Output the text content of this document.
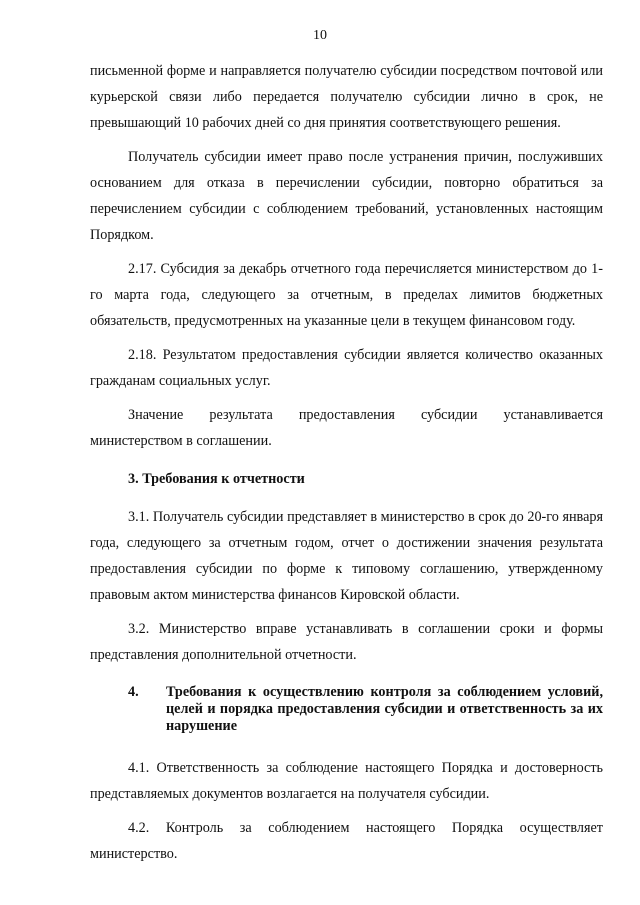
10

письменной форме и направляется получателю субсидии посредством почтовой или курьерской связи либо передается получателю субсидии лично в срок, не превышающий 10 рабочих дней со дня принятия соответствующего решения.

Получатель субсидии имеет право после устранения причин, послуживших основанием для отказа в перечислении субсидии, повторно обратиться за перечислением субсидии с соблюдением требований, установленных настоящим Порядком.

2.17. Субсидия за декабрь отчетного года перечисляется министерством до 1-го марта года, следующего за отчетным, в пределах лимитов бюджетных обязательств, предусмотренных на указанные цели в текущем финансовом году.

2.18. Результатом предоставления субсидии является количество оказанных гражданам социальных услуг.

Значение результата предоставления субсидии устанавливается министерством в соглашении.

3. Требования к отчетности

3.1. Получатель субсидии представляет в министерство в срок до 20-го января года, следующего за отчетным годом, отчет о достижении значения результата предоставления субсидии по форме к типовому соглашению, утвержденному правовым актом министерства финансов Кировской области.

3.2. Министерство вправе устанавливать в соглашении сроки и формы представления дополнительной отчетности.

4.	Требования к осуществлению контроля за соблюдением условий, целей и порядка предоставления субсидии и ответственность за их нарушение

4.1. Ответственность за соблюдение настоящего Порядка и достоверность представляемых документов возлагается на получателя субсидии.

4.2. Контроль за соблюдением настоящего Порядка осуществляет министерство.
